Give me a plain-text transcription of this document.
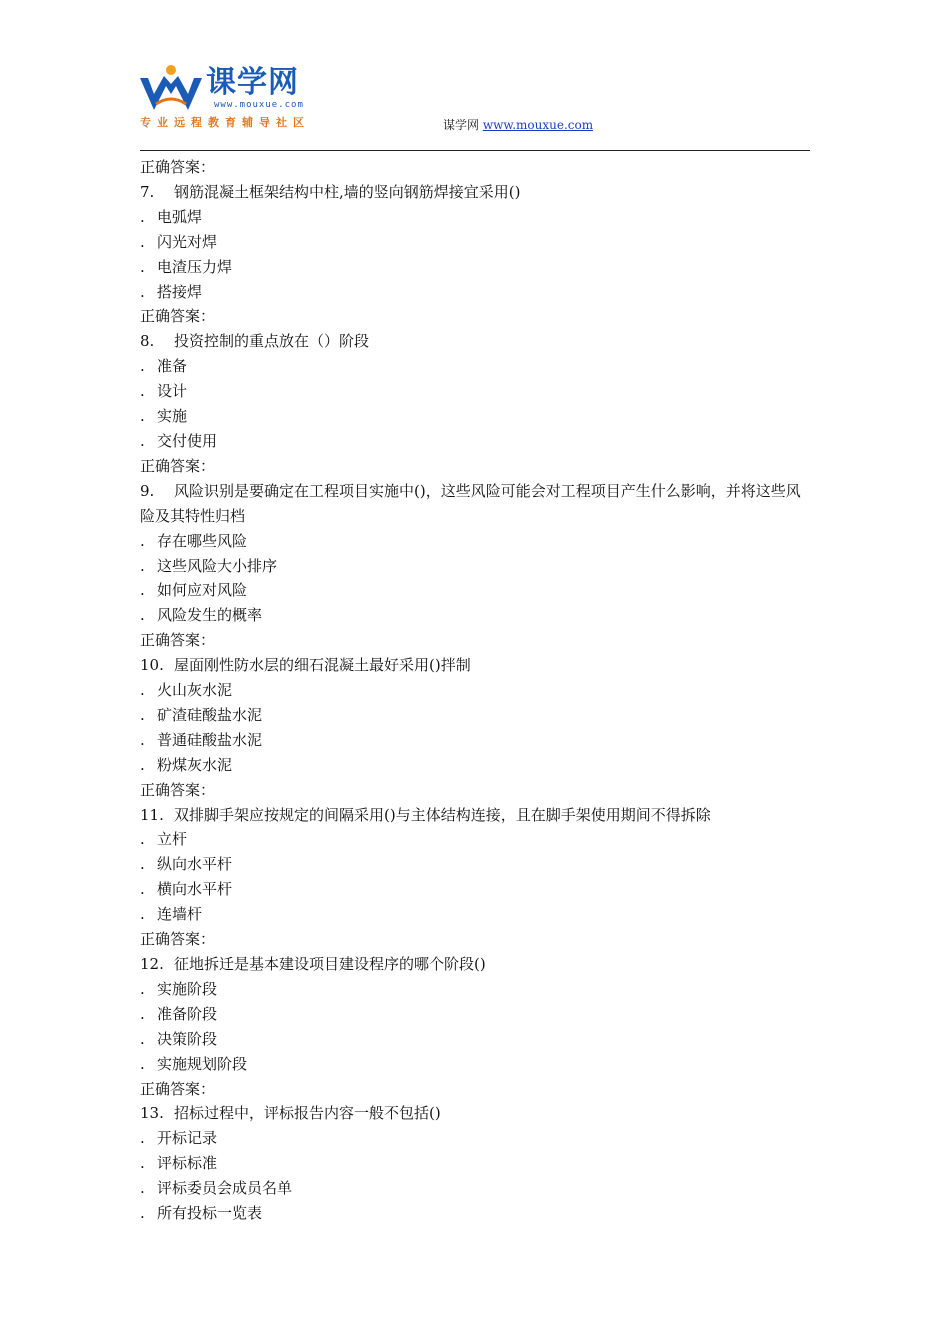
课学网
www.mouxue.com
专业远程教育辅导社区	谋学网 www.mouxue.com
正确答案：
7. 钢筋混凝土框架结构中柱,墙的竖向钢筋焊接宜采用()
. 电弧焊
. 闪光对焊
. 电渣压力焊
. 搭接焊
正确答案：
8. 投资控制的重点放在（）阶段
. 准备
. 设计
. 实施
. 交付使用
正确答案：
9. 风险识别是要确定在工程项目实施中()，这些风险可能会对工程项目产生什么影响，并将这些风险及其特性归档
. 存在哪些风险
. 这些风险大小排序
. 如何应对风险
. 风险发生的概率
正确答案：
10. 屋面刚性防水层的细石混凝土最好采用()拌制
. 火山灰水泥
. 矿渣硅酸盐水泥
. 普通硅酸盐水泥
. 粉煤灰水泥
正确答案：
11. 双排脚手架应按规定的间隔采用()与主体结构连接，且在脚手架使用期间不得拆除
. 立杆
. 纵向水平杆
. 横向水平杆
. 连墙杆
正确答案：
12. 征地拆迁是基本建设项目建设程序的哪个阶段()
. 实施阶段
. 准备阶段
. 决策阶段
. 实施规划阶段
正确答案：
13. 招标过程中，评标报告内容一般不包括()
. 开标记录
. 评标标准
. 评标委员会成员名单
. 所有投标一览表
